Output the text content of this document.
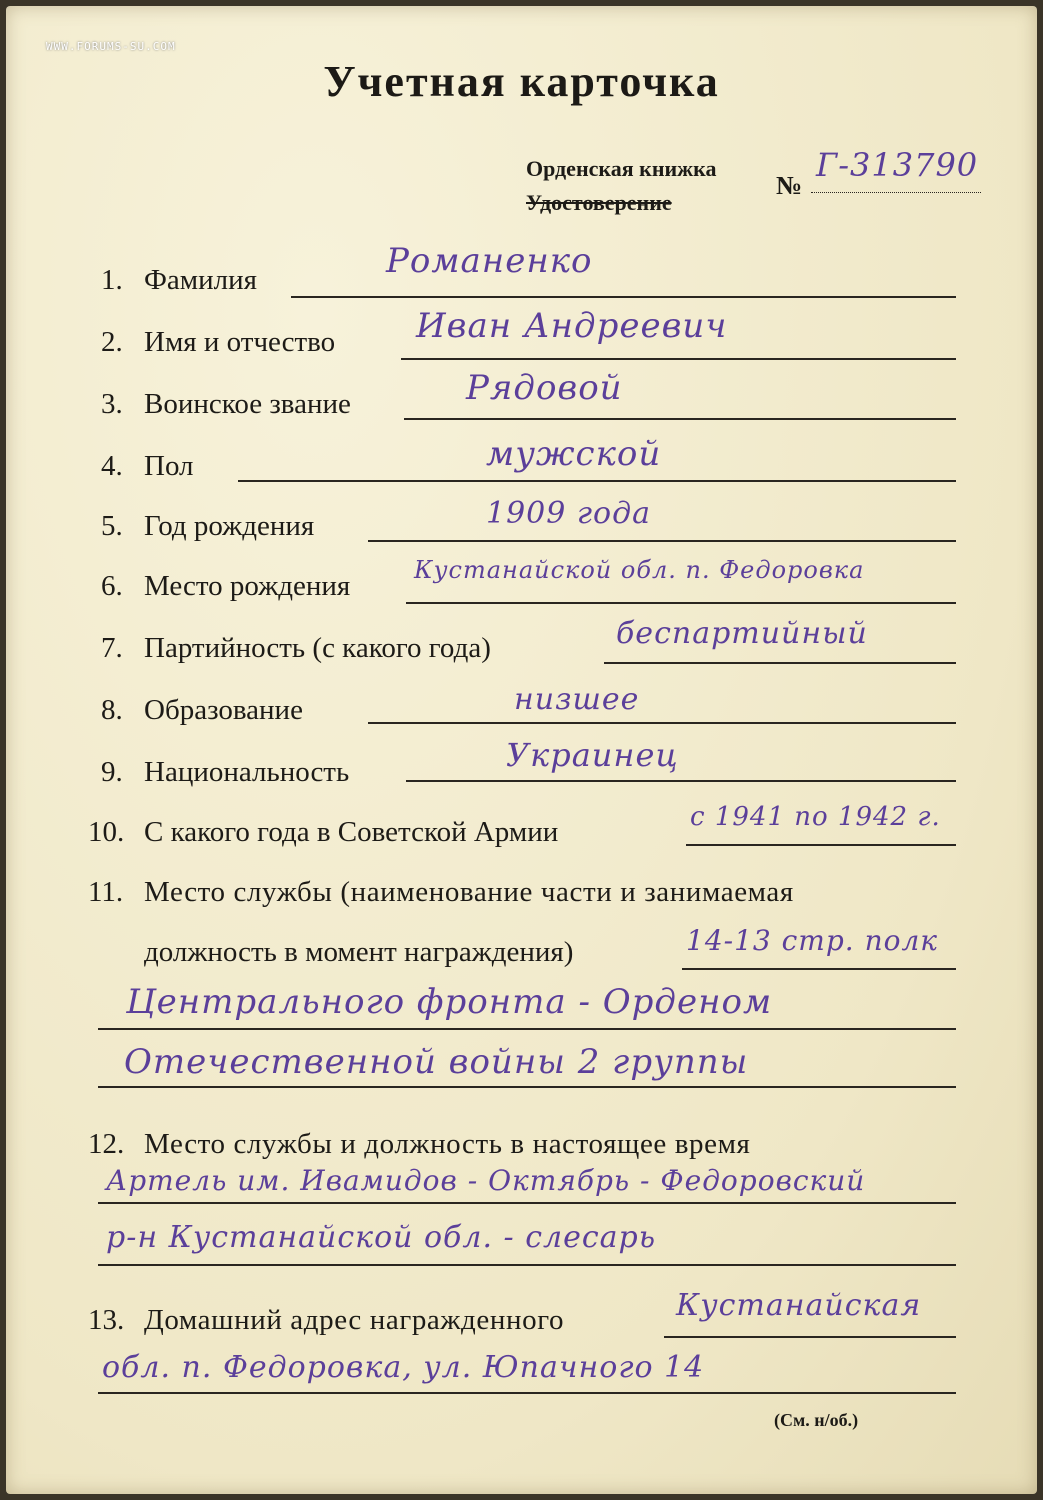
WWW.FORUMS-SU.COM
Учетная карточка
Орденская книжка
Удостоверение
№
Г-313790
1. Фамилия	Романенко
2. Имя и отчество Иван Андреевич
3. Воинское звание	Рядовой
4. Пол	мужской
5. Год рождения	1909 года
6. Место рождения	Кустанайской обл. п. Федоровка
7. Партийность (с какого года)	беспартийный
8. Образование	низшее
9. Национальность	Украинец
10. С какого года в Советской Армии	с 1941 по 1942 г.
11. Место службы (наименование части и занимаемая
должность в момент награждения)	14-13 стр. полк
Центрального фронта - Орденом
Отечественной войны 2 группы
12. Место службы и должность в настоящее время
Артель им. Ивамидов - Октябрь - Федоровский
р-н Кустанайской обл. - слесарь
13. Домашний адрес награжденного	Кустанайская
обл. п. Федоровка, ул. Юпачного 14
(См. н/об.)
